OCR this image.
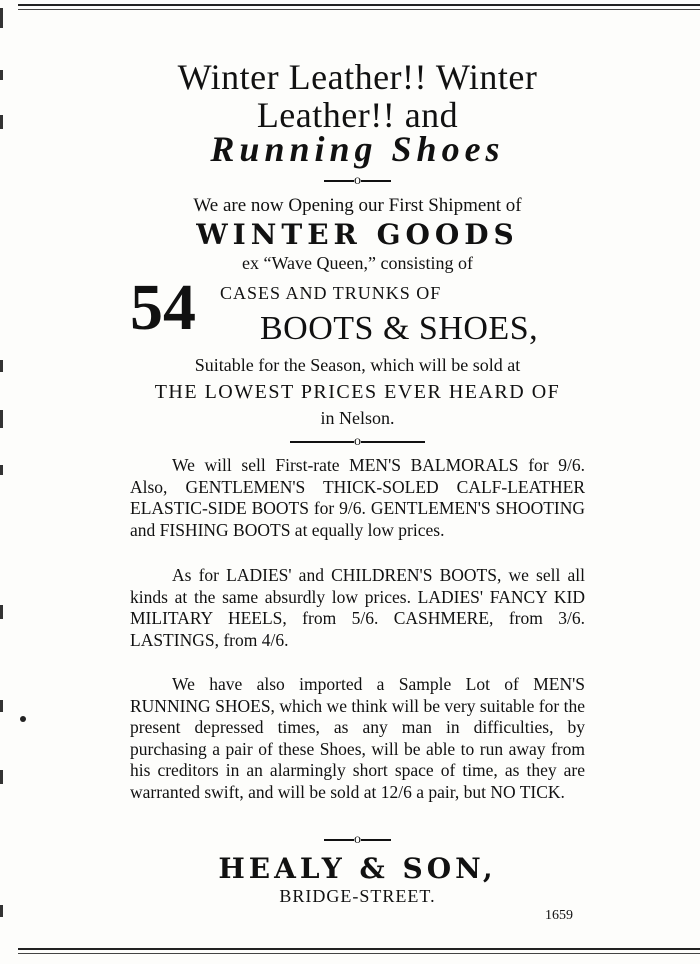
Winter Leather!! Winter
Leather!! and
Running Shoes
o
We are now Opening our First Shipment of
WINTER GOODS
ex “Wave Queen,” consisting of
54 CASES AND TRUNKS OF
BOOTS & SHOES,
Suitable for the Season, which will be sold at
THE LOWEST PRICES EVER HEARD OF
in Nelson.
o
We will sell First-rate MEN'S BALMORALS for 9/6. Also, GENTLEMEN'S THICK-SOLED CALF-LEATHER ELASTIC-SIDE BOOTS for 9/6. GENTLEMEN'S SHOOTING and FISHING BOOTS at equally low prices.
As for LADIES' and CHILDREN'S BOOTS, we sell all kinds at the same absurdly low prices. LADIES' FANCY KID MILITARY HEELS, from 5/6. CASHMERE, from 3/6. LASTINGS, from 4/6.
We have also imported a Sample Lot of MEN'S RUNNING SHOES, which we think will be very suitable for the present depressed times, as any man in difficulties, by purchasing a pair of these Shoes, will be able to run away from his creditors in an alarmingly short space of time, as they are warranted swift, and will be sold at 12/6 a pair, but NO TICK.
o
HEALY & SON,
BRIDGE-STREET.
1659
